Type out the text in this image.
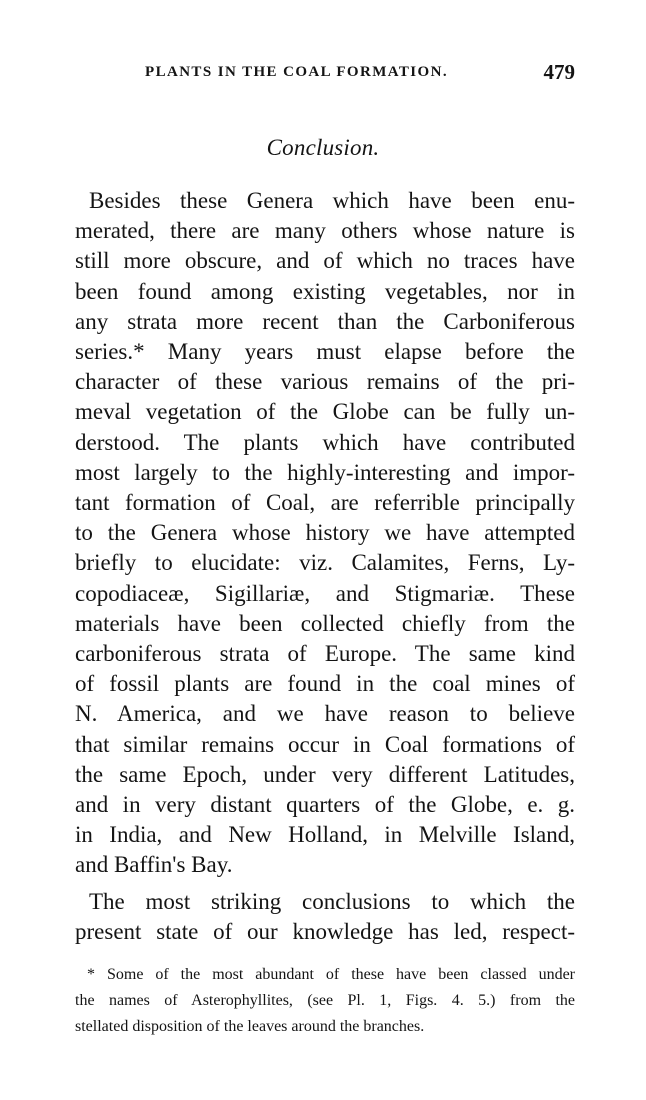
PLANTS IN THE COAL FORMATION.	479
Conclusion.
Besides these Genera which have been enu-
merated, there are many others whose nature is
still more obscure, and of which no traces have
been found among existing vegetables, nor in
any strata more recent than the Carboniferous
series.* Many years must elapse before the
character of these various remains of the pri-
meval vegetation of the Globe can be fully un-
derstood. The plants which have contributed
most largely to the highly-interesting and impor-
tant formation of Coal, are referrible principally
to the Genera whose history we have attempted
briefly to elucidate: viz. Calamites, Ferns, Ly-
copodiaceæ, Sigillariæ, and Stigmariæ. These
materials have been collected chiefly from the
carboniferous strata of Europe. The same kind
of fossil plants are found in the coal mines of
N. America, and we have reason to believe
that similar remains occur in Coal formations of
the same Epoch, under very different Latitudes,
and in very distant quarters of the Globe, e. g.
in India, and New Holland, in Melville Island,
and Baffin's Bay.
The most striking conclusions to which the
present state of our knowledge has led, respect-
* Some of the most abundant of these have been classed under
the names of Asterophyllites, (see Pl. 1, Figs. 4. 5.) from the
stellated disposition of the leaves around the branches.
